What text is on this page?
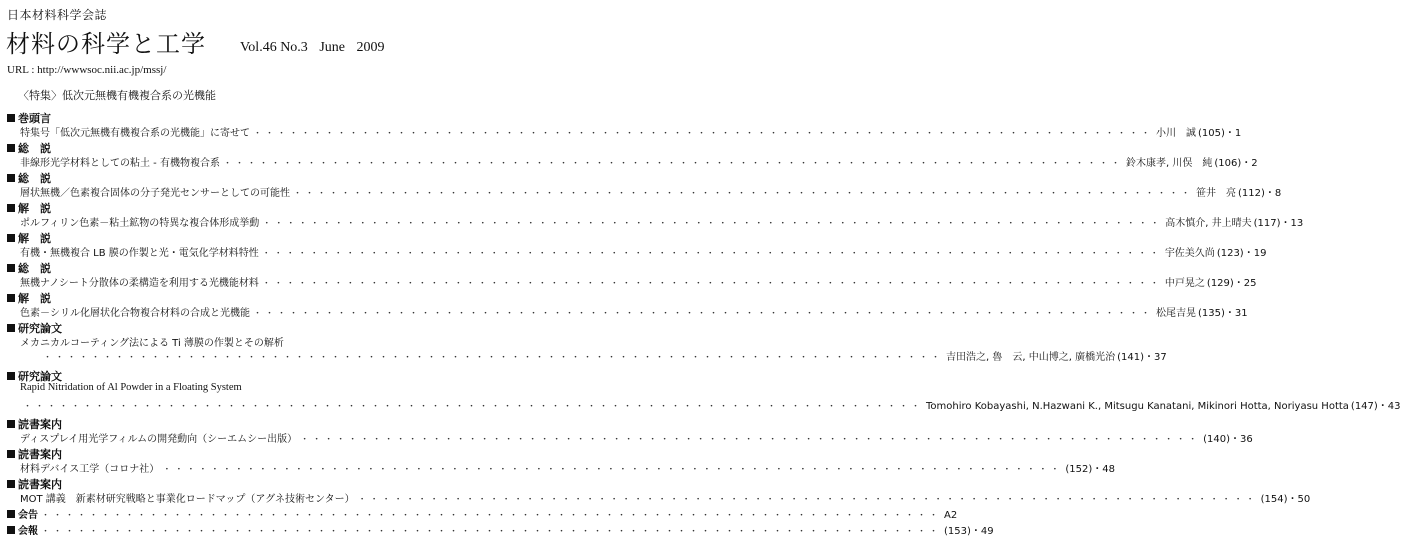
日本材料科学会誌
材料の科学と工学 Vol.46 No.3 June 2009
URL : http://wwwsoc.nii.ac.jp/mssj/
〈特集〉低次元無機有機複合系の光機能
巻頭言
特集号「低次元無機有機複合系の光機能」に寄せて ・・・・・・・・・・・・・・・・・・・・・・・・・・・・・・・・・・・・・・・・・・・・・・・・・・・・・・・・・・・・・・・・・・・・・・・・・・・	小川　誠 (105)・1
総　説
非線形光学材料としての粘土 - 有機物複合系 ・・・・・・・・・・・・・・・・・・・・・・・・・・・・・・・・・・・・・・・・・・・・・・・・・・・・・・・・・・・・・・・・・・・・・・・・・・・	鈴木康孝, 川俣　純 (106)・2
総　説
層状無機／色素複合固体の分子発光センサーとしての可能性 ・・・・・・・・・・・・・・・・・・・・・・・・・・・・・・・・・・・・・・・・・・・・・・・・・・・・・・・・・・・・・・・・・・・・・・・・・・・	笹井　亮 (112)・8
解　説
ポルフィリン色素－粘土鉱物の特異な複合体形成挙動 ・・・・・・・・・・・・・・・・・・・・・・・・・・・・・・・・・・・・・・・・・・・・・・・・・・・・・・・・・・・・・・・・・・・・・・・・・・・	高木慎介, 井上晴夫 (117)・13
解　説
有機・無機複合 LB 膜の作製と光・電気化学材料特性 ・・・・・・・・・・・・・・・・・・・・・・・・・・・・・・・・・・・・・・・・・・・・・・・・・・・・・・・・・・・・・・・・・・・・・・・・・・・	宇佐美久尚 (123)・19
総　説
無機ナノシート分散体の柔構造を利用する光機能材料 ・・・・・・・・・・・・・・・・・・・・・・・・・・・・・・・・・・・・・・・・・・・・・・・・・・・・・・・・・・・・・・・・・・・・・・・・・・・	中戸晃之 (129)・25
解　説
色素－シリル化層状化合物複合材料の合成と光機能 ・・・・・・・・・・・・・・・・・・・・・・・・・・・・・・・・・・・・・・・・・・・・・・・・・・・・・・・・・・・・・・・・・・・・・・・・・・・	松尾吉晃 (135)・31
研究論文
メカニカルコーティング法による Ti 薄膜の作製とその解析
・・・・・・・・・・・・・・・・・・・・・・・・・・・・・・・・・・・・・・・・・・・・・・・・・・・・・・・・・・・・・・・・・・・・・・・・・・・
吉田浩之, 魯　云, 中山博之, 廣橋光治 (141)・37
研究論文
Rapid Nitridation of Al Powder in a Floating System
・・・・・・・・・・・・・・・・・・・・・・・・・・・・・・・・・・・・・・・・・・・・・・・・・・・・・・・・・・・・・・・・・・・・・・・・・・・
Tomohiro Kobayashi, N.Hazwani K., Mitsugu Kanatani, Mikinori Hotta, Noriyasu Hotta (147)・43
読書案内
ディスプレイ用光学フィルムの開発動向（シーエムシー出版） ・・・・・・・・・・・・・・・・・・・・・・・・・・・・・・・・・・・・・・・・・・・・・・・・・・・・・・・・・・・・・・・・・・・・・・・・・・・	(140)・36
読書案内
材料デバイス工学（コロナ社） ・・・・・・・・・・・・・・・・・・・・・・・・・・・・・・・・・・・・・・・・・・・・・・・・・・・・・・・・・・・・・・・・・・・・・・・・・・・	(152)・48
読書案内
MOT 講義　新素材研究戦略と事業化ロードマップ（アグネ技術センター） ・・・・・・・・・・・・・・・・・・・・・・・・・・・・・・・・・・・・・・・・・・・・・・・・・・・・・・・・・・・・・・・・・・・・・・・・・・・	(154)・50
会告 ・・・・・・・・・・・・・・・・・・・・・・・・・・・・・・・・・・・・・・・・・・・・・・・・・・・・・・・・・・・・・・・・・・・・・・・・・・・	A2
会報 ・・・・・・・・・・・・・・・・・・・・・・・・・・・・・・・・・・・・・・・・・・・・・・・・・・・・・・・・・・・・・・・・・・・・・・・・・・・	(153)・49
